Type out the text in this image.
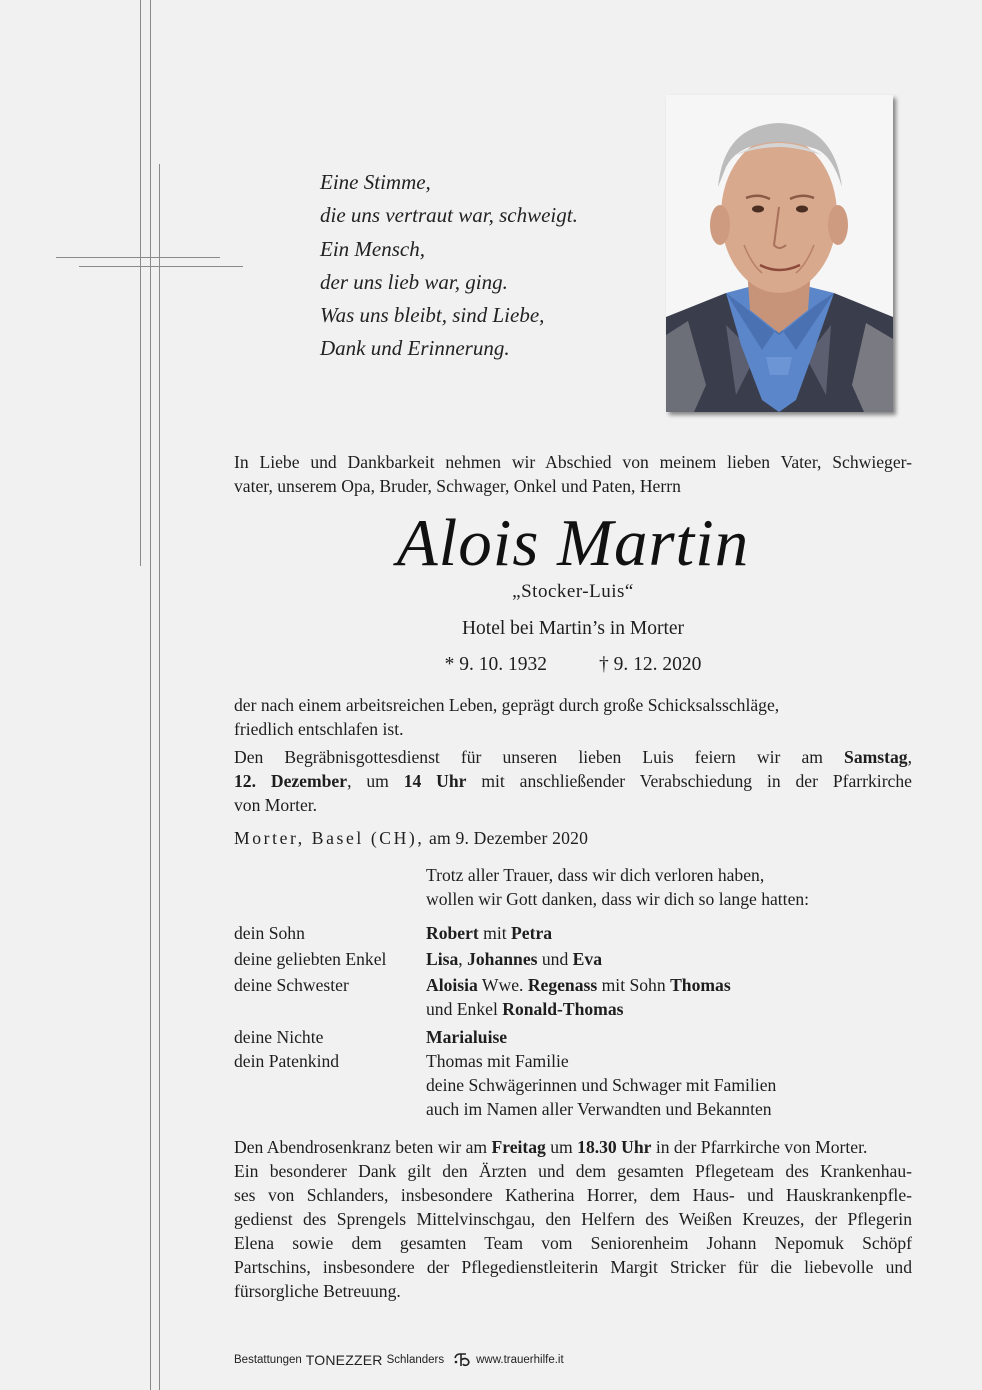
Eine Stimme,
die uns vertraut war, schweigt.
Ein Mensch,
der uns lieb war, ging.
Was uns bleibt, sind Liebe,
Dank und Erinnerung.
In Liebe und Dankbarkeit nehmen wir Abschied von meinem lieben Vater, Schwieger-
vater, unserem Opa, Bruder, Schwager, Onkel und Paten, Herrn
Alois Martin
„Stocker-Luis“
Hotel bei Martin’s in Morter
* 9. 10. 1932	† 9. 12. 2020
der nach einem arbeitsreichen Leben, geprägt durch große Schicksalsschläge,
friedlich entschlafen ist.
Den Begräbnisgottesdienst für unseren lieben Luis feiern wir am Samstag,
12. Dezember, um 14 Uhr mit anschließender Verabschiedung in der Pfarrkirche
von Morter.
Morter, Basel (CH), am 9. Dezember 2020
Trotz aller Trauer, dass wir dich verloren haben,
wollen wir Gott danken, dass wir dich so lange hatten:
dein Sohn	Robert mit Petra
deine geliebten Enkel Lisa, Johannes und Eva
deine Schwester	Aloisia Wwe. Regenass mit Sohn Thomas
und Enkel Ronald-Thomas
deine Nichte	Marialuise
dein Patenkind	Thomas mit Familie
deine Schwägerinnen und Schwager mit Familien
auch im Namen aller Verwandten und Bekannten
Den Abendrosenkranz beten wir am Freitag um 18.30 Uhr in der Pfarrkirche von Morter.
Ein besonderer Dank gilt den Ärzten und dem gesamten Pflegeteam des Krankenhau-
ses von Schlanders, insbesondere Katherina Horrer, dem Haus- und Hauskrankenpfle-
gedienst des Sprengels Mittelvinschgau, den Helfern des Weißen Kreuzes, der Pflegerin
Elena sowie dem gesamten Team vom Seniorenheim Johann Nepomuk Schöpf
Partschins, insbesondere der Pflegedienstleiterin Margit Stricker für die liebevolle und
fürsorgliche Betreuung.
Bestattungen TONEZZER Schlanders	www.trauerhilfe.it
